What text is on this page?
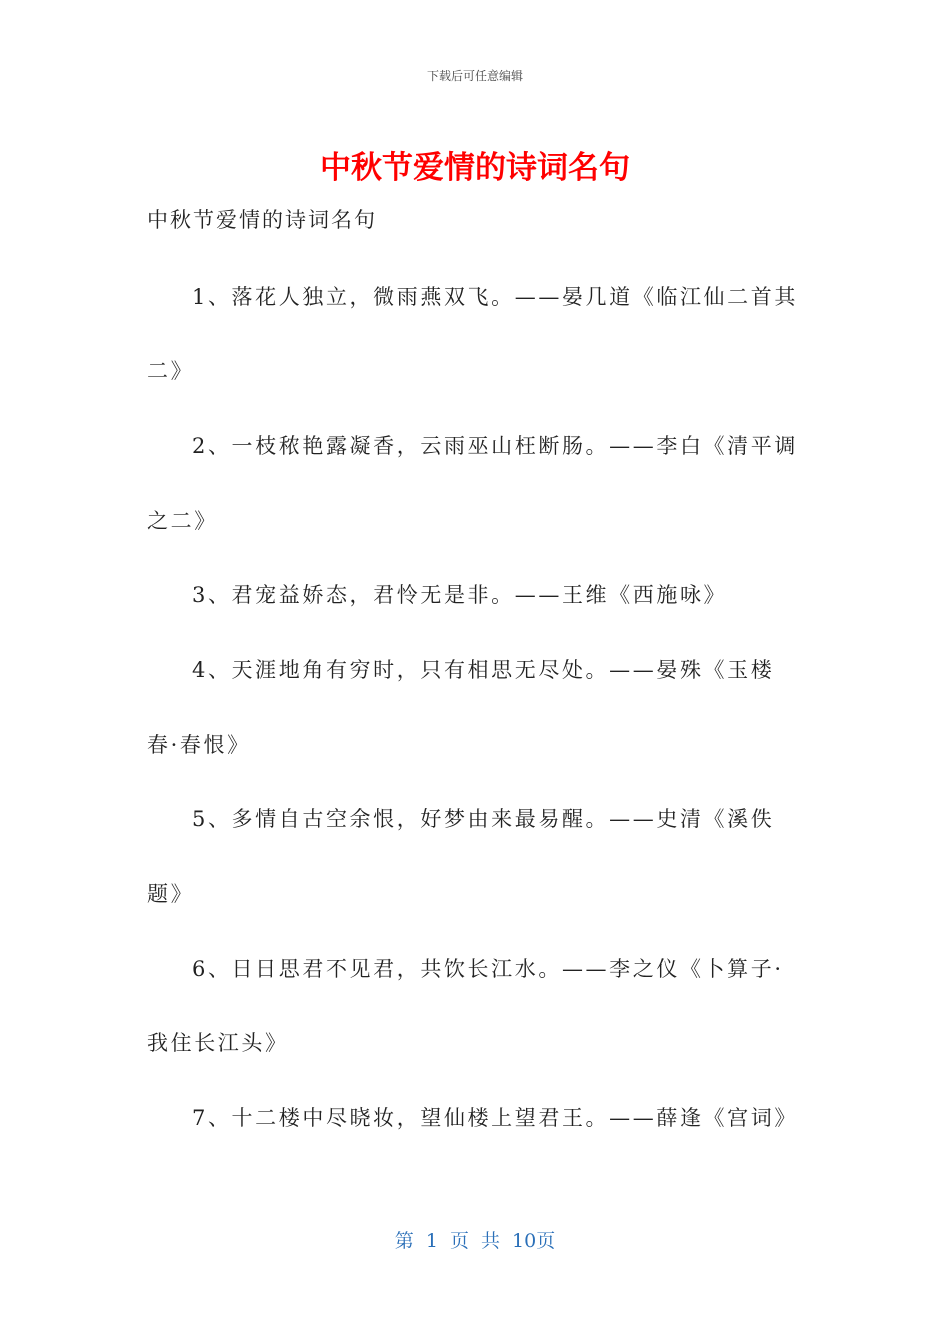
下载后可任意编辑
中秋节爱情的诗词名句
中秋节爱情的诗词名句
1、落花人独立，微雨燕双飞。——晏几道《临江仙二首其
二》
2、一枝秾艳露凝香，云雨巫山枉断肠。——李白《清平调
之二》
3、君宠益娇态，君怜无是非。——王维《西施咏》
4、天涯地角有穷时，只有相思无尽处。——晏殊《玉楼
春·春恨》
5、多情自古空余恨，好梦由来最易醒。——史清《溪佚
题》
6、日日思君不见君，共饮长江水。——李之仪《卜算子·
我住长江头》
7、十二楼中尽晓妆，望仙楼上望君王。——薛逢《宫词》
第 1 页 共 10页
